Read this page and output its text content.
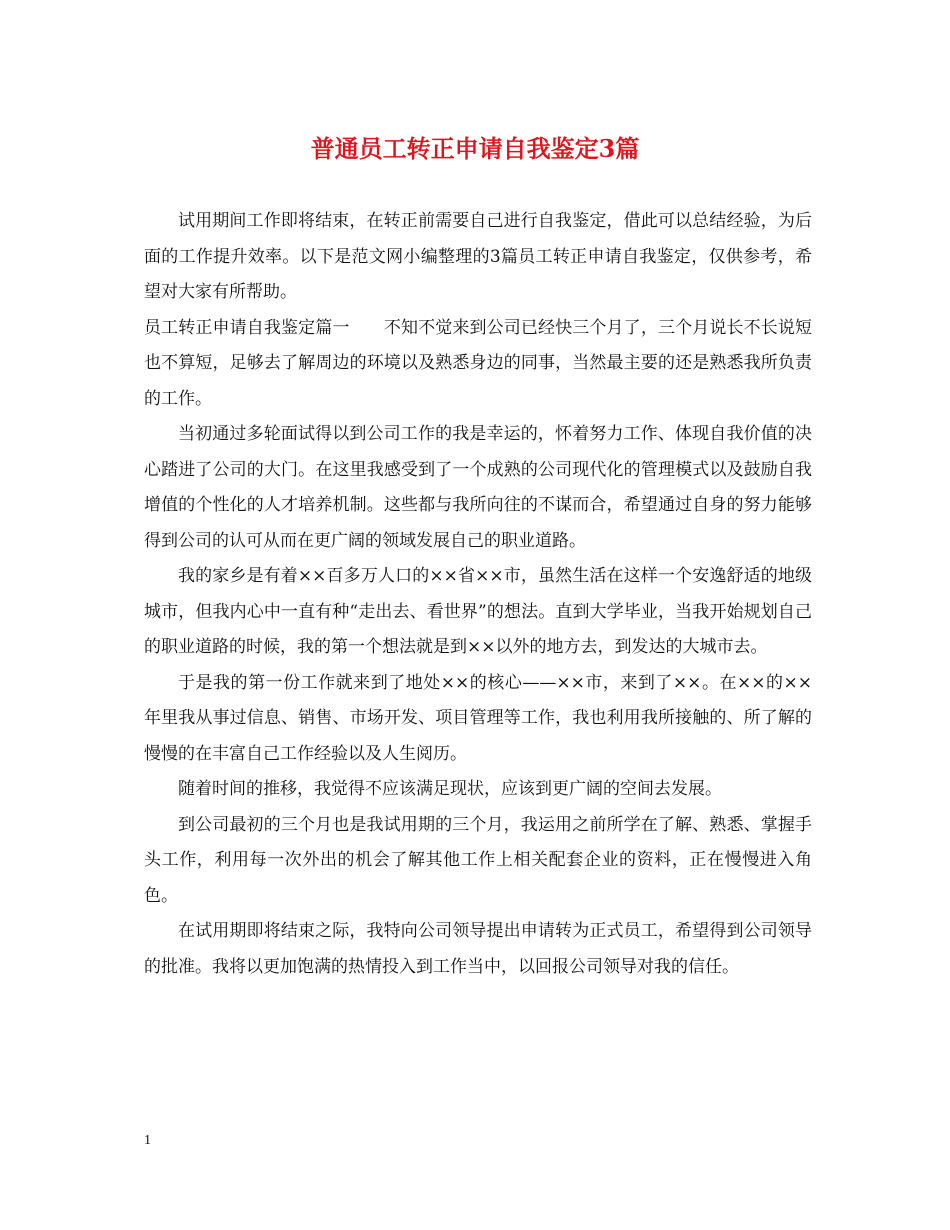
普通员工转正申请自我鉴定3篇

试用期间工作即将结束，在转正前需要自己进行自我鉴定，借此可以总结经验，为后面的工作提升效率。以下是范文网小编整理的3篇员工转正申请自我鉴定，仅供参考，希望对大家有所帮助。

员工转正申请自我鉴定篇一　　不知不觉来到公司已经快三个月了，三个月说长不长说短也不算短，足够去了解周边的环境以及熟悉身边的同事，当然最主要的还是熟悉我所负责的工作。

当初通过多轮面试得以到公司工作的我是幸运的，怀着努力工作、体现自我价值的决心踏进了公司的大门。在这里我感受到了一个成熟的公司现代化的管理模式以及鼓励自我增值的个性化的人才培养机制。这些都与我所向往的不谋而合，希望通过自身的努力能够得到公司的认可从而在更广阔的领域发展自己的职业道路。

我的家乡是有着××百多万人口的××省××市，虽然生活在这样一个安逸舒适的地级城市，但我内心中一直有种“走出去、看世界”的想法。直到大学毕业，当我开始规划自己的职业道路的时候，我的第一个想法就是到××以外的地方去，到发达的大城市去。

于是我的第一份工作就来到了地处××的核心——××市，来到了××。在××的××年里我从事过信息、销售、市场开发、项目管理等工作，我也利用我所接触的、所了解的慢慢的在丰富自己工作经验以及人生阅历。

随着时间的推移，我觉得不应该满足现状，应该到更广阔的空间去发展。

到公司最初的三个月也是我试用期的三个月，我运用之前所学在了解、熟悉、掌握手头工作，利用每一次外出的机会了解其他工作上相关配套企业的资料，正在慢慢进入角色。

在试用期即将结束之际，我特向公司领导提出申请转为正式员工，希望得到公司领导的批准。我将以更加饱满的热情投入到工作当中，以回报公司领导对我的信任。

1
